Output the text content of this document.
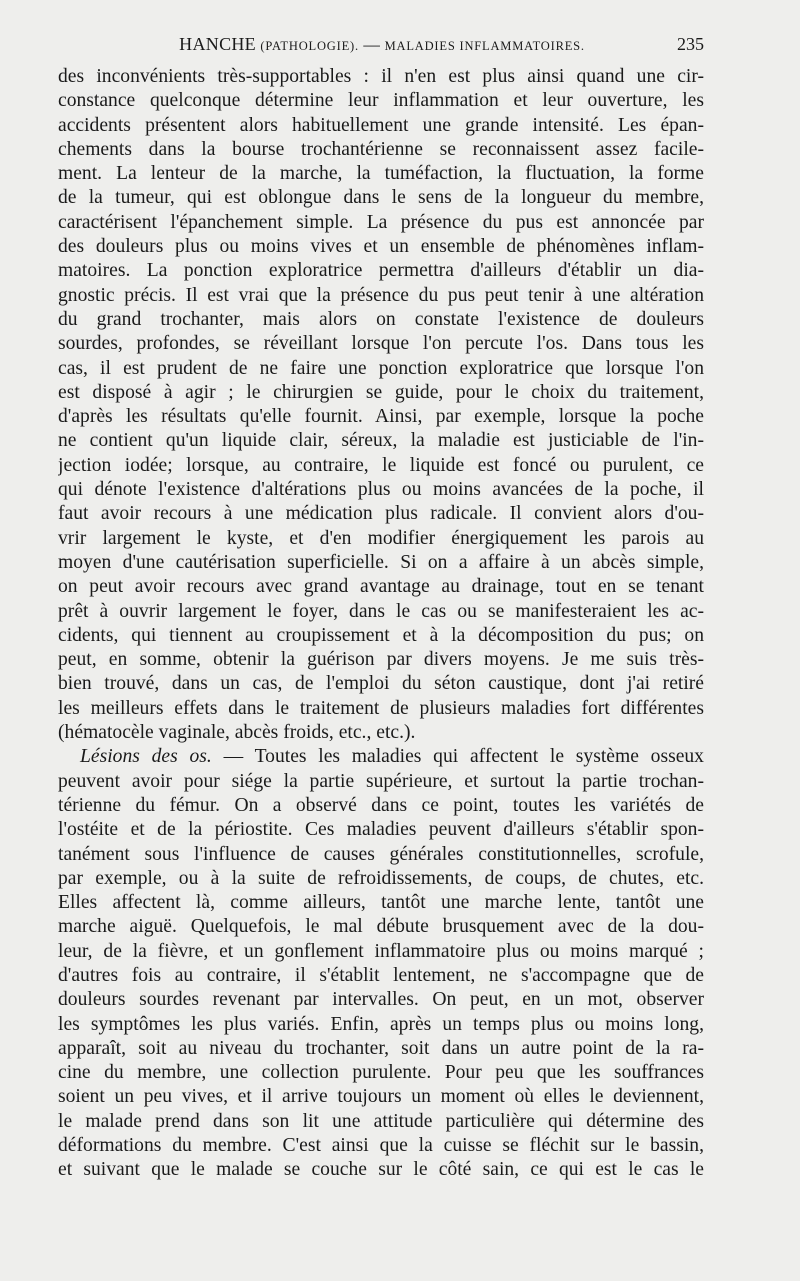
HANCHE (PATHOLOGIE). — MALADIES INFLAMMATOIRES.	235
des inconvénients très-supportables : il n'en est plus ainsi quand une cir-
constance quelconque détermine leur inflammation et leur ouverture, les
accidents présentent alors habituellement une grande intensité. Les épan-
chements dans la bourse trochantérienne se reconnaissent assez facile-
ment. La lenteur de la marche, la tuméfaction, la fluctuation, la forme
de la tumeur, qui est oblongue dans le sens de la longueur du membre,
caractérisent l'épanchement simple. La présence du pus est annoncée par
des douleurs plus ou moins vives et un ensemble de phénomènes inflam-
matoires. La ponction exploratrice permettra d'ailleurs d'établir un dia-
gnostic précis. Il est vrai que la présence du pus peut tenir à une altération
du grand trochanter, mais alors on constate l'existence de douleurs
sourdes, profondes, se réveillant lorsque l'on percute l'os. Dans tous les
cas, il est prudent de ne faire une ponction exploratrice que lorsque l'on
est disposé à agir ; le chirurgien se guide, pour le choix du traitement,
d'après les résultats qu'elle fournit. Ainsi, par exemple, lorsque la poche
ne contient qu'un liquide clair, séreux, la maladie est justiciable de l'in-
jection iodée; lorsque, au contraire, le liquide est foncé ou purulent, ce
qui dénote l'existence d'altérations plus ou moins avancées de la poche, il
faut avoir recours à une médication plus radicale. Il convient alors d'ou-
vrir largement le kyste, et d'en modifier énergiquement les parois au
moyen d'une cautérisation superficielle. Si on a affaire à un abcès simple,
on peut avoir recours avec grand avantage au drainage, tout en se tenant
prêt à ouvrir largement le foyer, dans le cas ou se manifesteraient les ac-
cidents, qui tiennent au croupissement et à la décomposition du pus; on
peut, en somme, obtenir la guérison par divers moyens. Je me suis très-
bien trouvé, dans un cas, de l'emploi du séton caustique, dont j'ai retiré
les meilleurs effets dans le traitement de plusieurs maladies fort différentes
(hématocèle vaginale, abcès froids, etc., etc.).
Lésions des os. — Toutes les maladies qui affectent le système osseux
peuvent avoir pour siége la partie supérieure, et surtout la partie trochan-
térienne du fémur. On a observé dans ce point, toutes les variétés de
l'ostéite et de la périostite. Ces maladies peuvent d'ailleurs s'établir spon-
tanément sous l'influence de causes générales constitutionnelles, scrofule,
par exemple, ou à la suite de refroidissements, de coups, de chutes, etc.
Elles affectent là, comme ailleurs, tantôt une marche lente, tantôt une
marche aiguë. Quelquefois, le mal débute brusquement avec de la dou-
leur, de la fièvre, et un gonflement inflammatoire plus ou moins marqué ;
d'autres fois au contraire, il s'établit lentement, ne s'accompagne que de
douleurs sourdes revenant par intervalles. On peut, en un mot, observer
les symptômes les plus variés. Enfin, après un temps plus ou moins long,
apparaît, soit au niveau du trochanter, soit dans un autre point de la ra-
cine du membre, une collection purulente. Pour peu que les souffrances
soient un peu vives, et il arrive toujours un moment où elles le deviennent,
le malade prend dans son lit une attitude particulière qui détermine des
déformations du membre. C'est ainsi que la cuisse se fléchit sur le bassin,
et suivant que le malade se couche sur le côté sain, ce qui est le cas le
